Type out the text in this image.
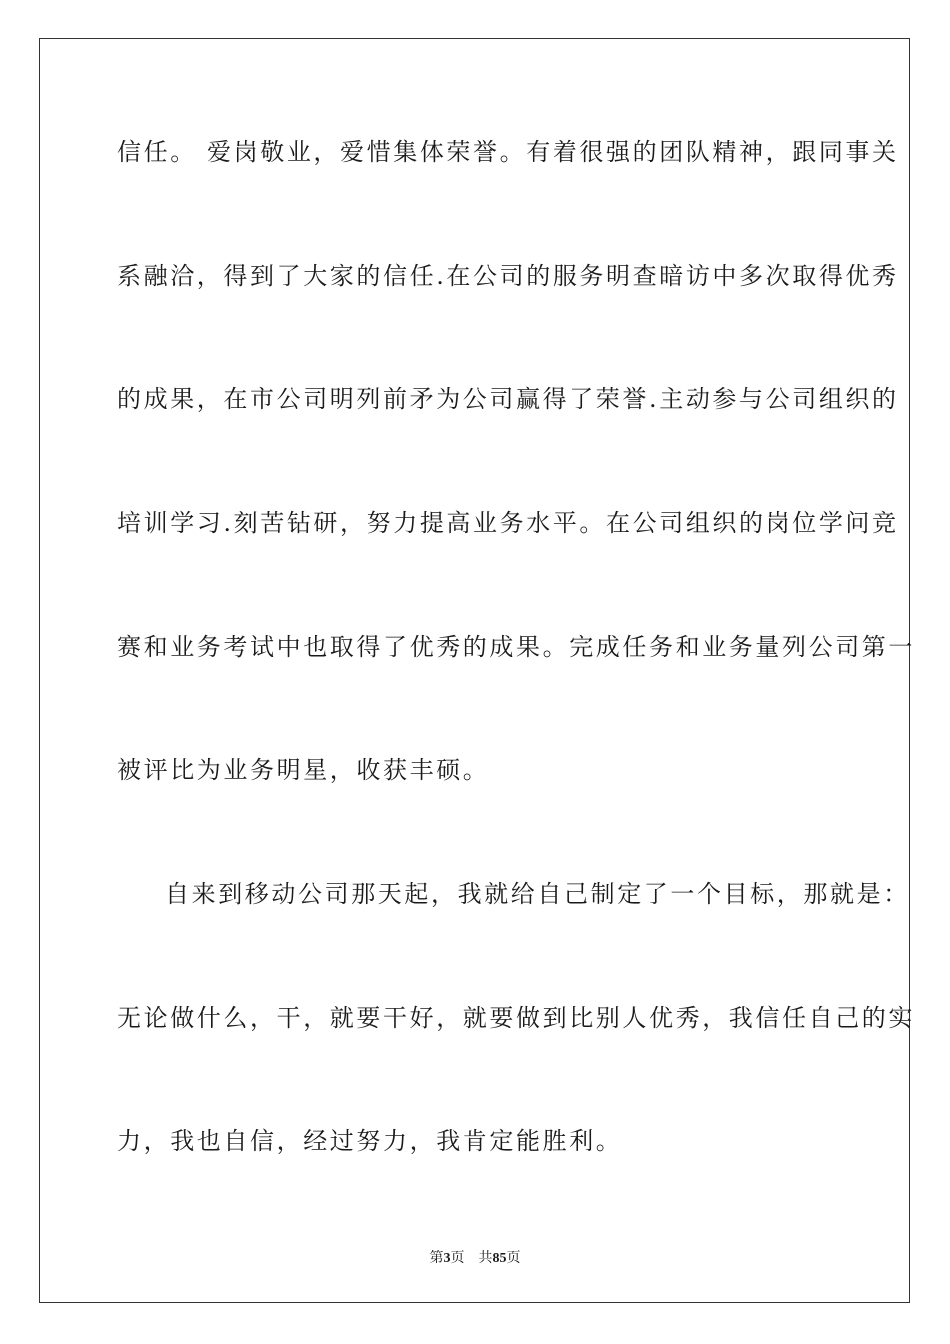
信任。 爱岗敬业，爱惜集体荣誉。有着很强的团队精神，跟同事关
系融洽，得到了大家的信任.在公司的服务明查暗访中多次取得优秀
的成果，在市公司明列前矛为公司赢得了荣誉.主动参与公司组织的
培训学习.刻苦钻研，努力提高业务水平。在公司组织的岗位学问竞
赛和业务考试中也取得了优秀的成果。完成任务和业务量列公司第一
被评比为业务明星，收获丰硕。
自来到移动公司那天起，我就给自己制定了一个目标，那就是：
无论做什么，干，就要干好，就要做到比别人优秀，我信任自己的实
力，我也自信，经过努力，我肯定能胜利。
第3页 共85页
